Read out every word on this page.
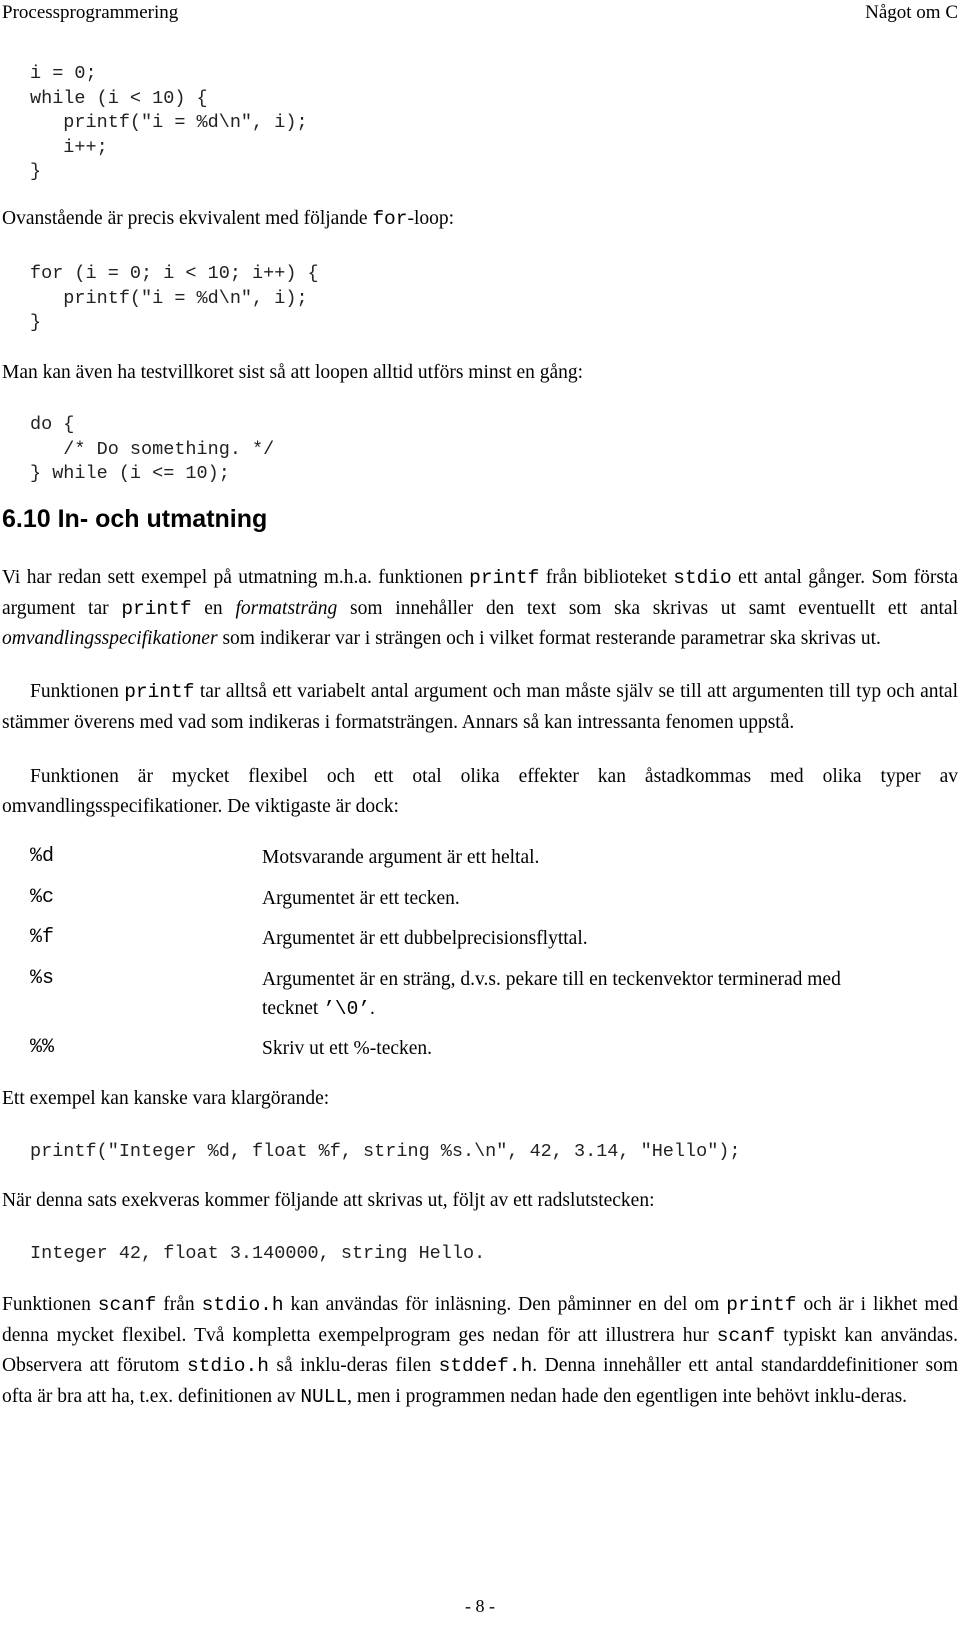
Processprogrammering	Något om C
i = 0;
while (i < 10) {
printf("i = %d\n", i);
i++;
}
Ovanstående är precis ekvivalent med följande for-loop:
for (i = 0; i < 10; i++) {
printf("i = %d\n", i);
}
Man kan även ha testvillkoret sist så att loopen alltid utförs minst en gång:
do {
/* Do something. */
} while (i <= 10);
6.10 In- och utmatning
Vi har redan sett exempel på utmatning m.h.a. funktionen printf från biblioteket stdio ett antal gånger. Som första argument tar printf en formatsträng som innehåller den text som ska skrivas ut samt eventuellt ett antal omvandlingsspecifikationer som indikerar var i strängen och i vilket format resterande parametrar ska skrivas ut.
Funktionen printf tar alltså ett variabelt antal argument och man måste själv se till att argumenten till typ och antal stämmer överens med vad som indikeras i formatsträngen. Annars så kan intressanta fenomen uppstå.
Funktionen är mycket flexibel och ett otal olika effekter kan åstadkommas med olika typer av omvandlingsspecifikationer. De viktigaste är dock:
%d	Motsvarande argument är ett heltal.
%c	Argumentet är ett tecken.
%f	Argumentet är ett dubbelprecisionsflyttal.
%s	Argumentet är en sträng, d.v.s. pekare till en teckenvektor terminerad med tecknet ’\0’.
%%	Skriv ut ett %-tecken.
Ett exempel kan kanske vara klargörande:
printf("Integer %d, float %f, string %s.\n", 42, 3.14, "Hello");
När denna sats exekveras kommer följande att skrivas ut, följt av ett radslutstecken:
Integer 42, float 3.140000, string Hello.
Funktionen scanf från stdio.h kan användas för inläsning. Den påminner en del om printf och är i likhet med denna mycket flexibel. Två kompletta exempelprogram ges nedan för att illustrera hur scanf typiskt kan användas. Observera att förutom stdio.h så inklu-deras filen stddef.h. Denna innehåller ett antal standarddefinitioner som ofta är bra att ha, t.ex. definitionen av NULL, men i programmen nedan hade den egentligen inte behövt inklu-deras.
- 8 -
